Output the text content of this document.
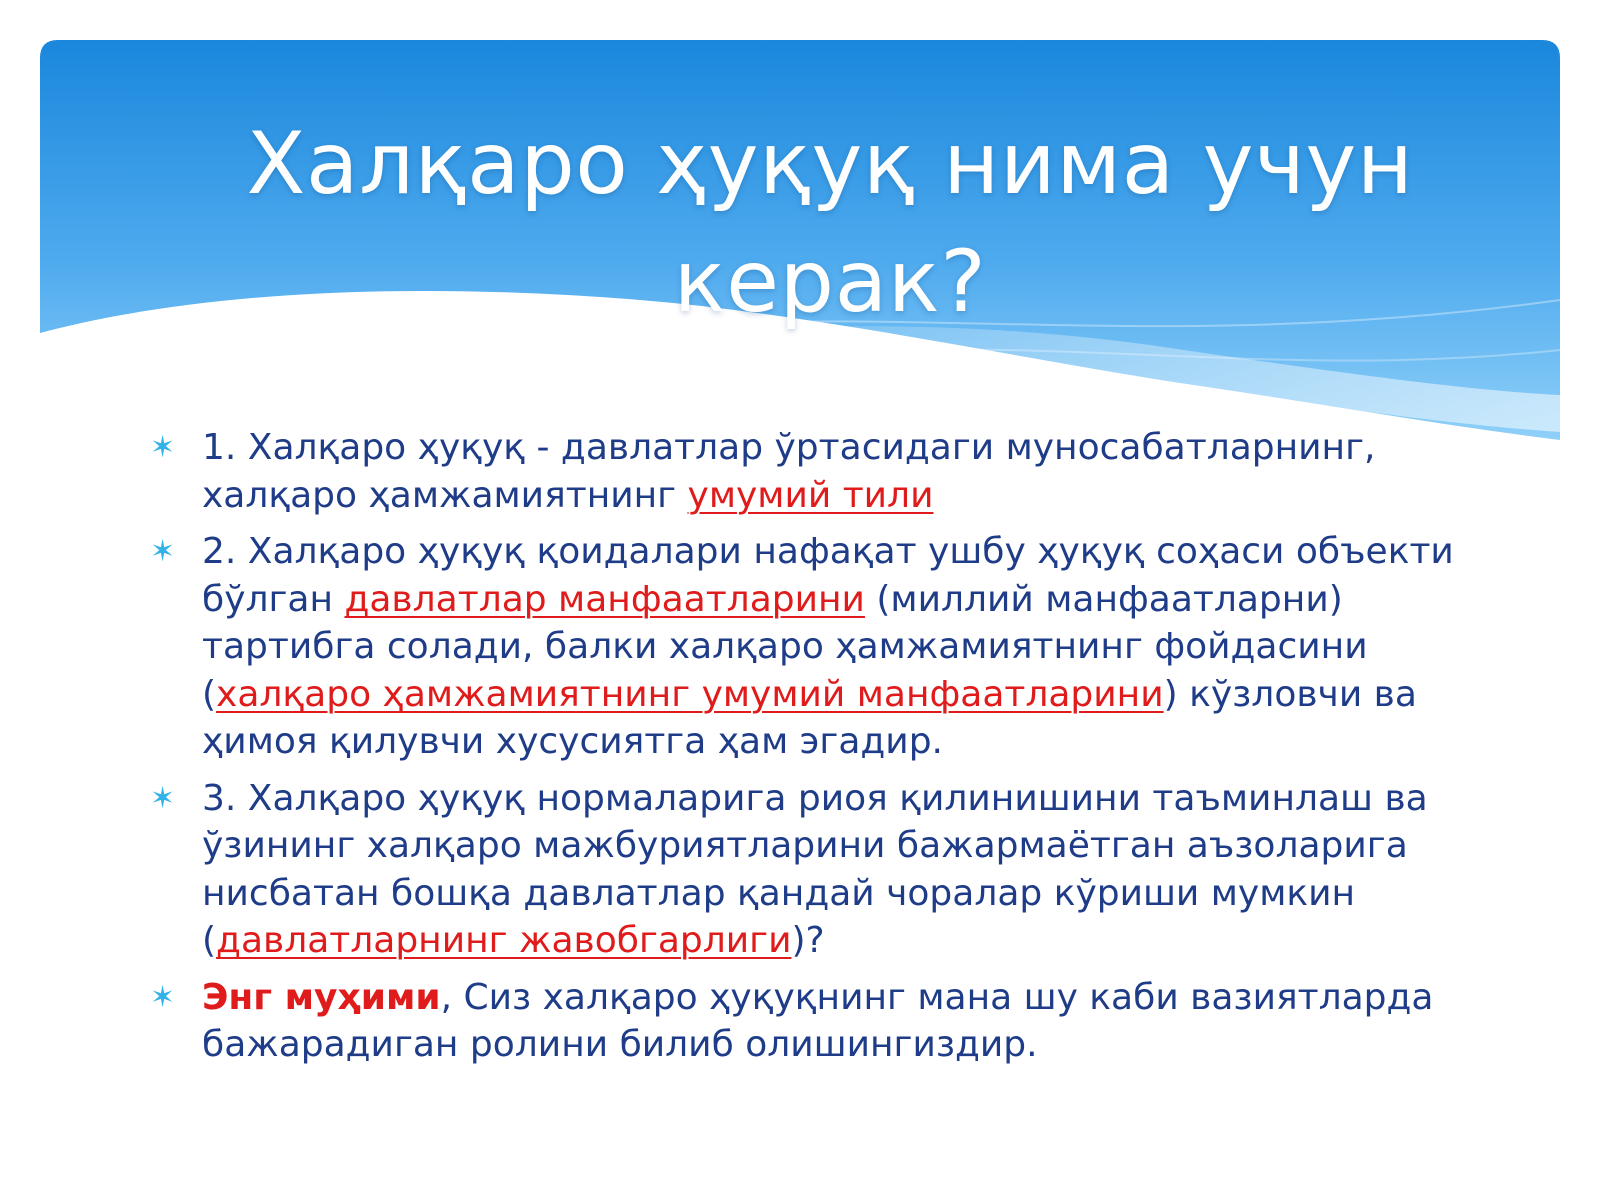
Халқаро ҳуқуқ нима учун керак?
✶ 1. Халқаро ҳуқуқ - давлатлар ўртасидаги муносабатларнинг, халқаро ҳамжамиятнинг умумий тили
✶ 2. Халқаро ҳуқуқ қоидалари нафақат ушбу ҳуқуқ соҳаси объекти бўлган давлатлар манфаатларини (миллий манфаатларни) тартибга солади, балки халқаро ҳамжамиятнинг фойдасини (халқаро ҳамжамиятнинг умумий манфаатларини) кўзловчи ва ҳимоя қилувчи хусусиятга ҳам эгадир.
✶ 3. Халқаро ҳуқуқ нормаларига риоя қилинишини таъминлаш ва ўзининг халқаро мажбуриятларини бажармаётган аъзоларига нисбатан бошқа давлатлар қандай чоралар кўриши мумкин (давлатларнинг жавобгарлиги)?
✶ Энг муҳими, Сиз халқаро ҳуқуқнинг мана шу каби вазиятларда бажарадиган ролини билиб олишингиздир.
